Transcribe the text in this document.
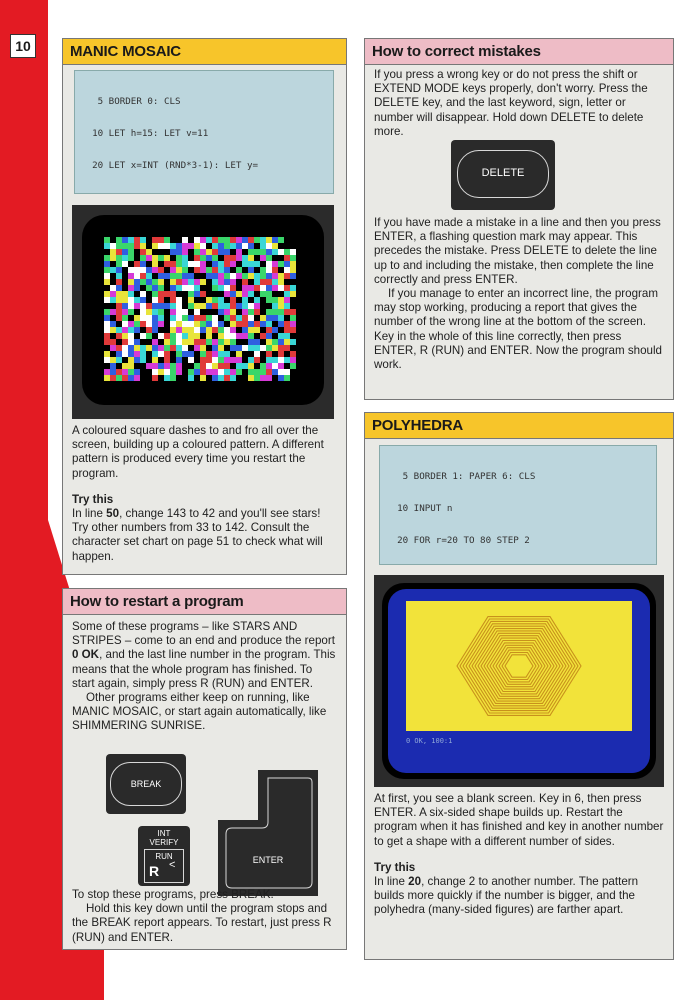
10	MANIC MOSAIC

5 BORDER 0: CLS

10 LET h=15: LET v=11

20 LET x=INT (RND*3-1): LET y=

A coloured square dashes to and fro all over the screen, building up a coloured pattern. A different pattern is produced every time you restart the program.

Try this

In line 50, change 143 to 42 and you'll see stars! Try other numbers from 33 to 142. Consult the character set chart on page 51 to check what will happen.

How to restart a program

Some of these programs – like STARS AND STRIPES – come to an end and produce the report 0 OK, and the last line number in the program. This means that the whole program has finished. To start again, simply press R (RUN) and ENTER.

Other programs either keep on running, like MANIC MOSAIC, or start again automatically, like SHIMMERING SUNRISE.

BREAK
INT
VERIFY
RUN
R <	ENTER

To stop these programs, press BREAK.

Hold this key down until the program stops and the BREAK report appears. To restart, just press R (RUN) and ENTER.

How to correct mistakes

If you press a wrong key or do not press the shift or EXTEND MODE keys properly, don't worry. Press the DELETE key, and the last keyword, sign, letter or number will disappear. Hold down DELETE to delete more.

DELETE

If you have made a mistake in a line and then you press ENTER, a flashing question mark may appear. This precedes the mistake. Press DELETE to delete the line up to and including the mistake, then complete the line correctly and press ENTER.

If you manage to enter an incorrect line, the program may stop working, producing a report that gives the number of the wrong line at the bottom of the screen. Key in the whole of this line correctly, then press ENTER, R (RUN) and ENTER. Now the program should work.

POLYHEDRA

5 BORDER 1: PAPER 6: CLS

10 INPUT n

20 FOR r=20 TO 80 STEP 2

0 OK, 100:1

At first, you see a blank screen. Key in 6, then press ENTER. A six-sided shape builds up. Restart the program when it has finished and key in another number to get a shape with a different number of sides.

Try this

In line 20, change 2 to another number. The pattern builds more quickly if the number is bigger, and the polyhedra (many-sided figures) are farther apart.
